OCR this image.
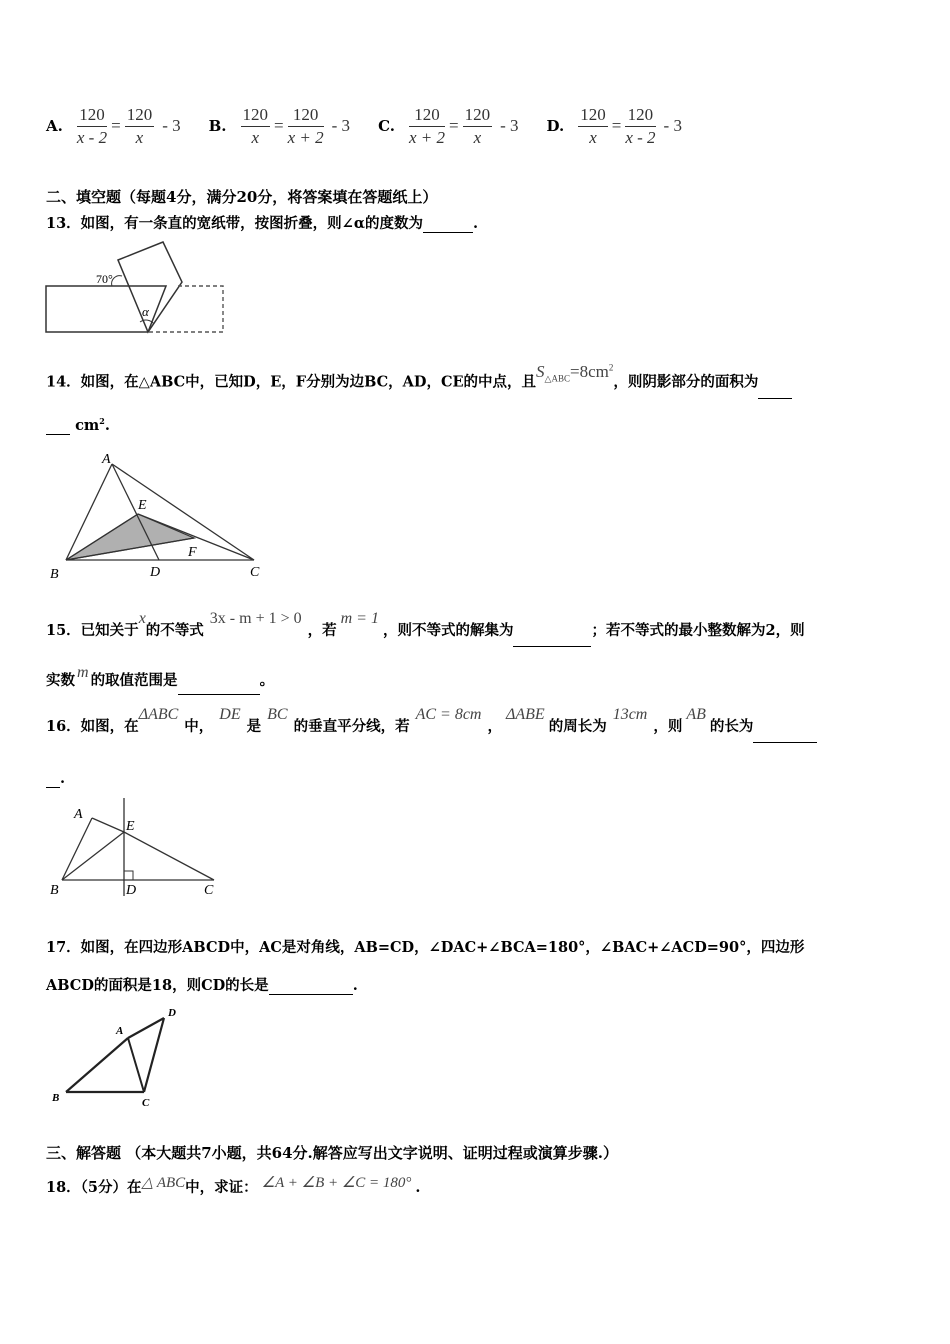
A. $\frac{120}{x - 2} = \frac{120}{x} - 3$ B. $\frac{120}{x} = \frac{120}{x + 2} - 3$ C. $\frac{120}{x + 2} = \frac{120}{x} - 3$ D. $\frac{120}{x} = \frac{120}{x - 2} - 3$
二、填空题（每题4分，满分20分，将答案填在答题纸上）
13．如图，有一条直的宽纸带，按图折叠，则∠α的度数为	.
70°
α
14．如图，在△ABC中，已知D，E，F分别为边BC，AD，CE的中点，且$S_{\triangle ABC}=8cm^2$，则阴影部分的面积为
$cm^2$.
A
E
F
B	D	C
15．已知关于x的不等式3x - m + 1 > 0，若m = 1，则不等式的解集为	；若不等式的最小整数解为2，则
实数 m 的取值范围是	。
16．如图，在ΔABC中，DE是BC的垂直平分线，若AC = 8cm，ΔABE的周长为13cm，则AB的长为
.
A
E
B	D	C
17．如图，在四边形ABCD中，AC是对角线，AB=CD，∠DAC+∠BCA=180°，∠BAC+∠ACD=90°，四边形
ABCD的面积是18，则CD的长是	.
A
D
B	C
三、解答题 （本大题共7小题，共64分.解答应写出文字说明、证明过程或演算步骤.）
18．（5分）在△ ABC中，求证： ∠A + ∠B + ∠C = 180° .
